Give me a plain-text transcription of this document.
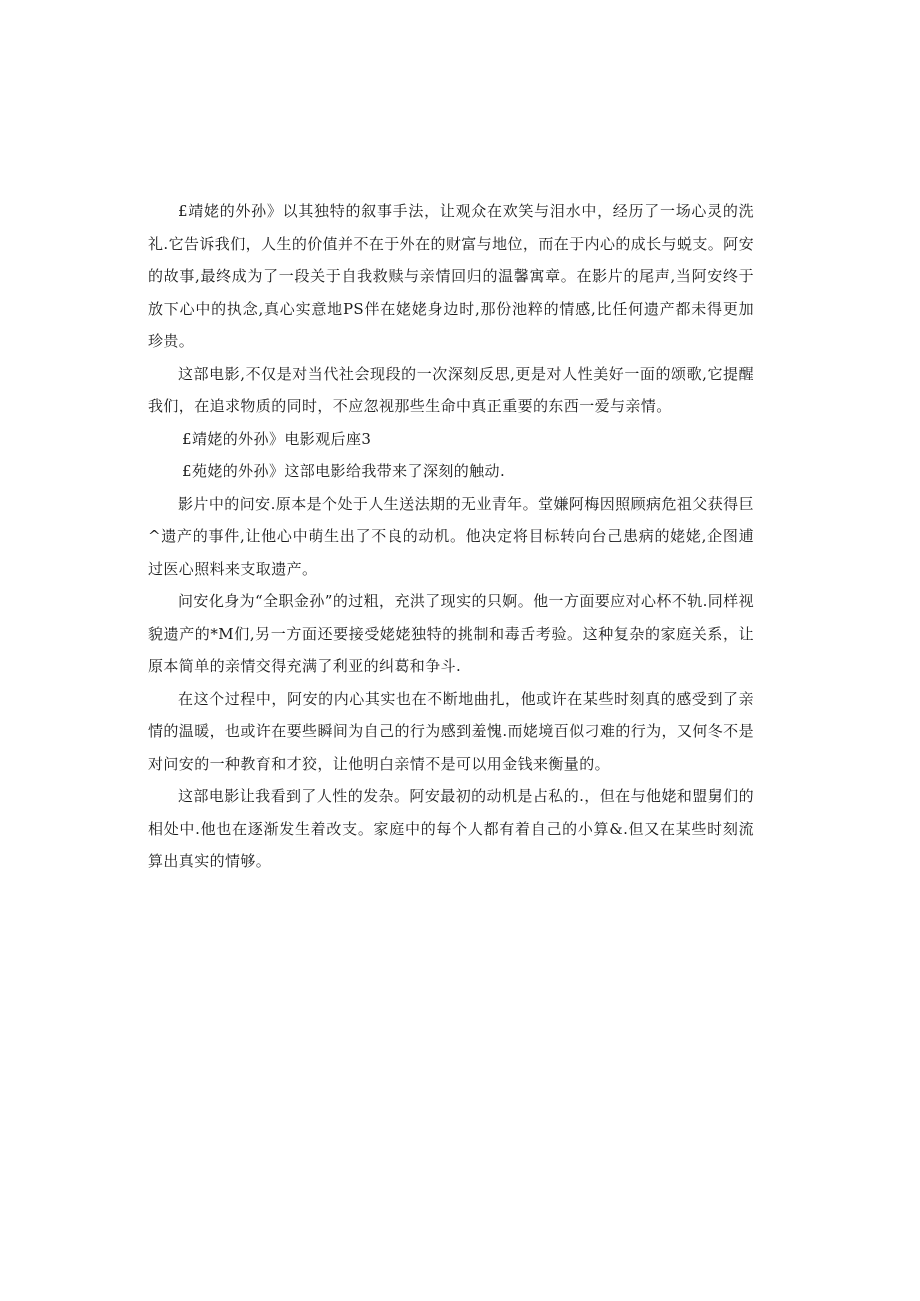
£靖姥的外孙》以其独特的叙事手法，让观众在欢笑与泪水中，经历了一场心灵的洗礼.它告诉我们，人生的价值并不在于外在的财富与地位，而在于内心的成长与蜕支。阿安的故事,最终成为了一段关于自我救赎与亲情回归的温馨寓章。在影片的尾声,当阿安终于放下心中的执念,真心实意地PS伴在姥姥身边时,那份池粹的情感,比任何遗产都未得更加珍贵。

这部电影,不仅是对当代社会现段的一次深刻反思,更是对人性美好一面的颂歌,它提醒我们，在追求物质的同时，不应忽视那些生命中真正重要的东西一爱与亲情。

£靖姥的外孙》电影观后座3

£苑姥的外孙》这部电影给我带来了深刻的触动.

影片中的问安.原本是个处于人生送法期的无业青年。堂嫌阿梅因照顾病危祖父获得巨^遗产的事件,让他心中萌生出了不良的动机。他决定将目标转向台己患病的姥姥,企图逋过医心照料来支取遗产。

问安化身为“全职金孙”的过粗，充洪了现实的只婀。他一方面要应对心杯不轨.同样视貌遗产的*M们,另一方面还要接受姥姥独特的挑制和毒舌考验。这种复杂的家庭关系，让原本简单的亲情交得充满了利亚的纠葛和争斗.

在这个过程中，阿安的内心其实也在不断地曲扎，他或许在某些时刻真的感受到了亲情的温暖，也或许在要些瞬间为自己的行为感到羞愧.而姥境百似刁难的行为，又何冬不是对问安的一种教育和才狡，让他明白亲情不是可以用金钱来衡量的。

这部电影让我看到了人性的发杂。阿安最初的动机是占私的.，但在与他姥和盟舅们的相处中.他也在逐渐发生着改支。家庭中的每个人都有着自己的小算&.但又在某些时刻流算出真实的情够。
